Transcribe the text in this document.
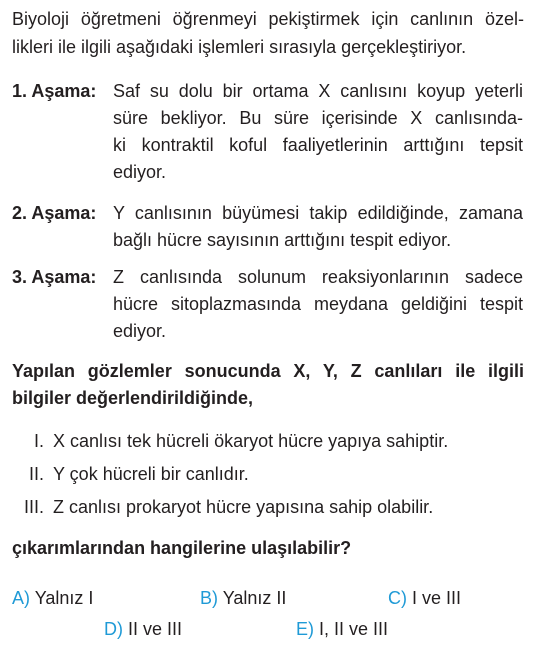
Biyoloji öğretmeni öğrenmeyi pekiştirmek için canlının özel-
likleri ile ilgili aşağıdaki işlemleri sırasıyla gerçekleştiriyor.
1. Aşama: Saf su dolu bir ortama X canlısını koyup yeterli
süre bekliyor. Bu süre içerisinde X canlısında-
ki kontraktil koful faaliyetlerinin arttığını tepsit
ediyor.
2. Aşama: Y canlısının büyümesi takip edildiğinde, zamana
bağlı hücre sayısının arttığını tespit ediyor.
3. Aşama: Z canlısında solunum reaksiyonlarının sadece
hücre sitoplazmasında meydana geldiğini tespit
ediyor.
Yapılan gözlemler sonucunda X, Y, Z canlıları ile ilgili
bilgiler değerlendirildiğinde,
I. X canlısı tek hücreli ökaryot hücre yapıya sahiptir.
II. Y çok hücreli bir canlıdır.
III. Z canlısı prokaryot hücre yapısına sahip olabilir.
çıkarımlarından hangilerine ulaşılabilir?
A) Yalnız I	B) Yalnız II	C) I ve III
D) II ve III	E) I, II ve III
